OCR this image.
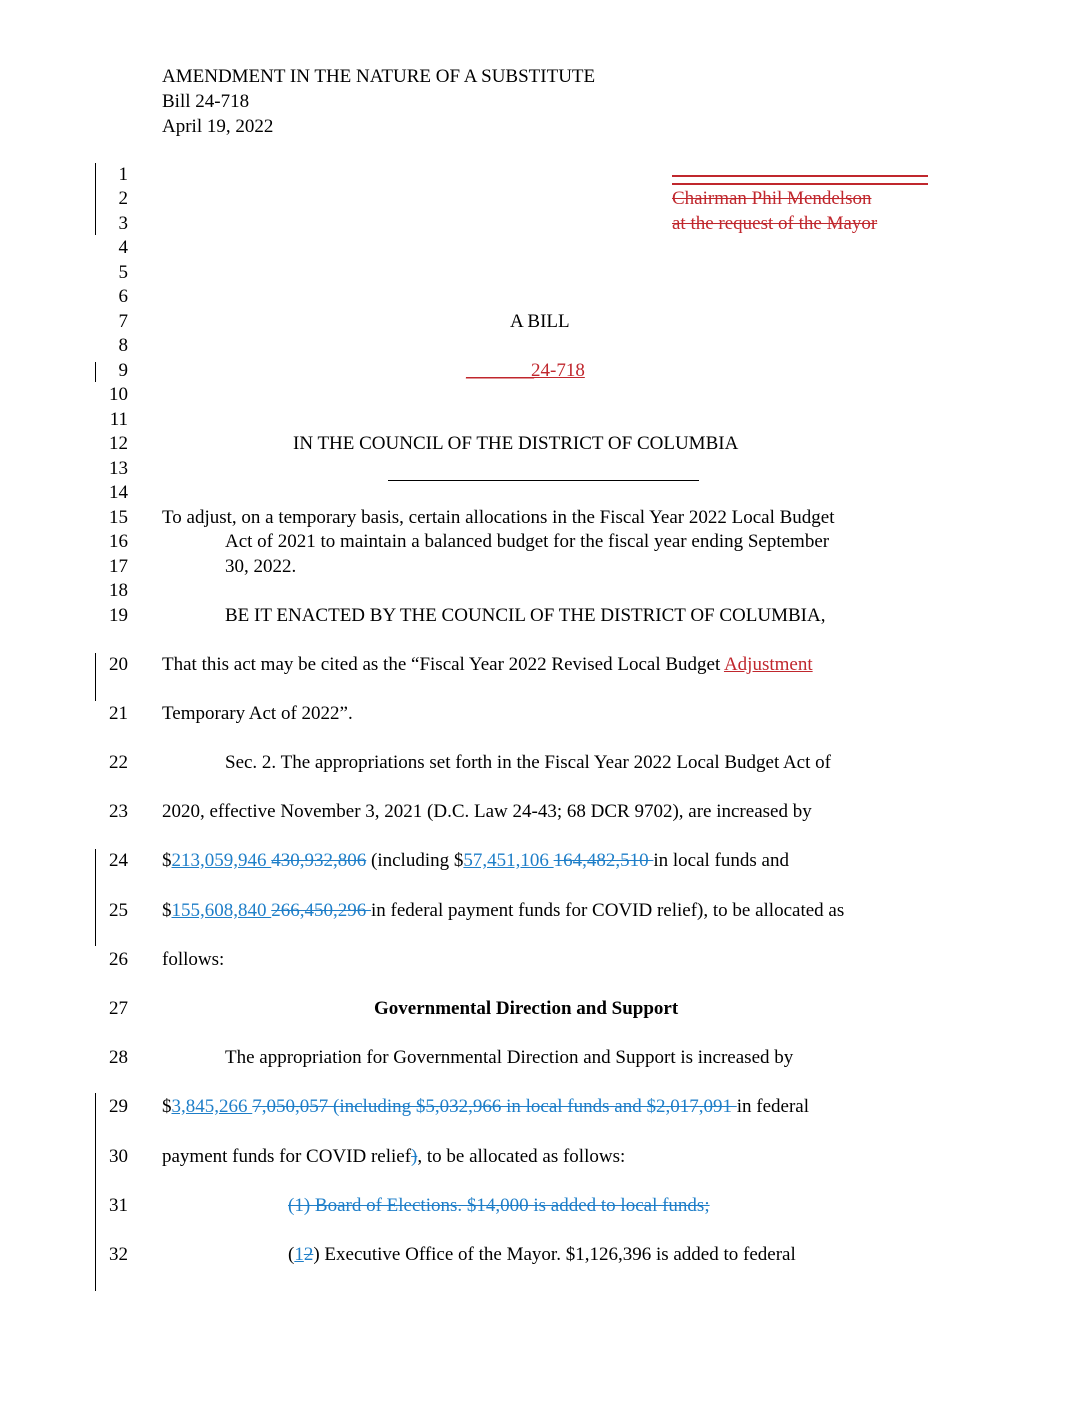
AMENDMENT IN THE NATURE OF A SUBSTITUTE
Bill 24-718
April 19, 2022
1
2
3
4
5
6
7
8
9
10
11
12
13
14
15
16
17
18
19
20
21
22
23
24
25
26
27
28
29
30
31
32
Chairman Phil Mendelson
at the request of the Mayor
A BILL
__________24-718
IN THE COUNCIL OF THE DISTRICT OF COLUMBIA
To adjust, on a temporary basis, certain allocations in the Fiscal Year 2022 Local Budget
Act of 2021 to maintain a balanced budget for the fiscal year ending September
30, 2022.
BE IT ENACTED BY THE COUNCIL OF THE DISTRICT OF COLUMBIA,
That this act may be cited as the “Fiscal Year 2022 Revised Local Budget Adjustment
Temporary Act of 2022”.
Sec. 2. The appropriations set forth in the Fiscal Year 2022 Local Budget Act of
2020, effective November 3, 2021 (D.C. Law 24-43; 68 DCR 9702), are increased by
$213,059,946 430,932,806 (including $57,451,106 164,482,510 in local funds and
$155,608,840 266,450,296 in federal payment funds for COVID relief), to be allocated as
follows:
Governmental Direction and Support
The appropriation for Governmental Direction and Support is increased by
$3,845,266 7,050,057 (including $5,032,966 in local funds and $2,017,091 in federal
payment funds for COVID relief), to be allocated as follows:
(1) Board of Elections. $14,000 is added to local funds;
(12) Executive Office of the Mayor. $1,126,396 is added to federal
